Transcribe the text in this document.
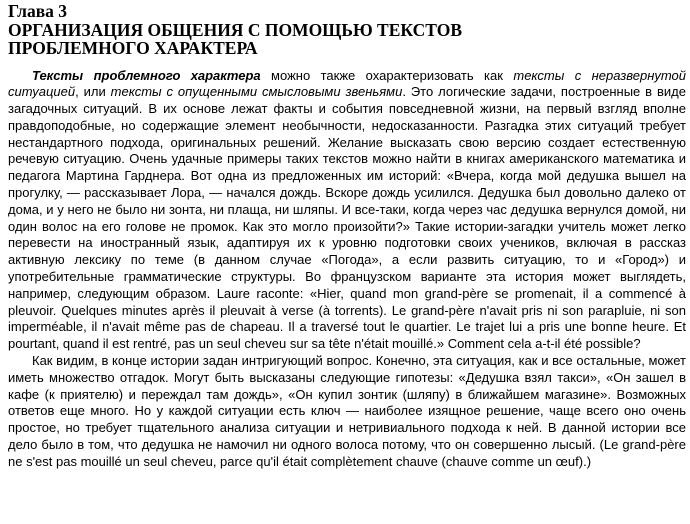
Глава 3
ОРГАНИЗАЦИЯ ОБЩЕНИЯ С ПОМОЩЬЮ ТЕКСТОВ
ПРОБЛЕМНОГО ХАРАКТЕРА

Тексты проблемного характера можно также охарактеризовать как тексты с неразвернутой ситуацией, или тексты с опущенными смысловыми звеньями. Это логические задачи, построенные в виде загадочных ситуаций. В их основе лежат факты и события повседневной жизни, на первый взгляд вполне правдоподобные, но содержащие элемент необычности, недосказанности. Разгадка этих ситуаций требует нестандартного подхода, оригинальных решений. Желание высказать свою версию создает естественную речевую ситуацию. Очень удачные примеры таких текстов можно найти в книгах американского математика и педагога Мартина Гарднера. Вот одна из предложенных им историй: «Вчера, когда мой дедушка вышел на прогулку, — рассказывает Лора, — начался дождь. Вскоре дождь усилился. Дедушка был довольно далеко от дома, и у него не было ни зонта, ни плаща, ни шляпы. И все-таки, когда через час дедушка вернулся домой, ни один волос на его голове не промок. Как это могло произойти?» Такие истории-загадки учитель может легко перевести на иностранный язык, адаптируя их к уровню подготовки своих учеников, включая в рассказ активную лексику по теме (в данном случае «Погода», а если развить ситуацию, то и «Город») и употребительные грамматические структуры. Во французском варианте эта история может выглядеть, например, следующим образом. Laure raconte: «Hier, quand mon grand-père se promenait, il a commencé à pleuvoir. Quelques minutes après il pleuvait à verse (à torrents). Le grand-père n'avait pris ni son parapluie, ni son imperméable, il n'avait même pas de chapeau. Il a traversé tout le quartier. Le trajet lui a pris une bonne heure. Et pourtant, quand il est rentré, pas un seul cheveu sur sa tête n'était mouillé.» Comment cela a-t-il été possible?

Как видим, в конце истории задан интригующий вопрос. Конечно, эта ситуация, как и все остальные, может иметь множество отгадок. Могут быть высказаны следующие гипотезы: «Дедушка взял такси», «Он зашел в кафе (к приятелю) и переждал там дождь», «Он купил зонтик (шляпу) в ближайшем магазине». Возможных ответов еще много. Но у каждой ситуации есть ключ — наиболее изящное решение, чаще всего оно очень простое, но требует тщательного анализа ситуации и нетривиального подхода к ней. В данной истории все дело было в том, что дедушка не намочил ни одного волоса потому, что он совершенно лысый. (Le grand-père ne s'est pas mouillé un seul cheveu, parce qu'il était complètement chauve (chauve comme un œuf).)
